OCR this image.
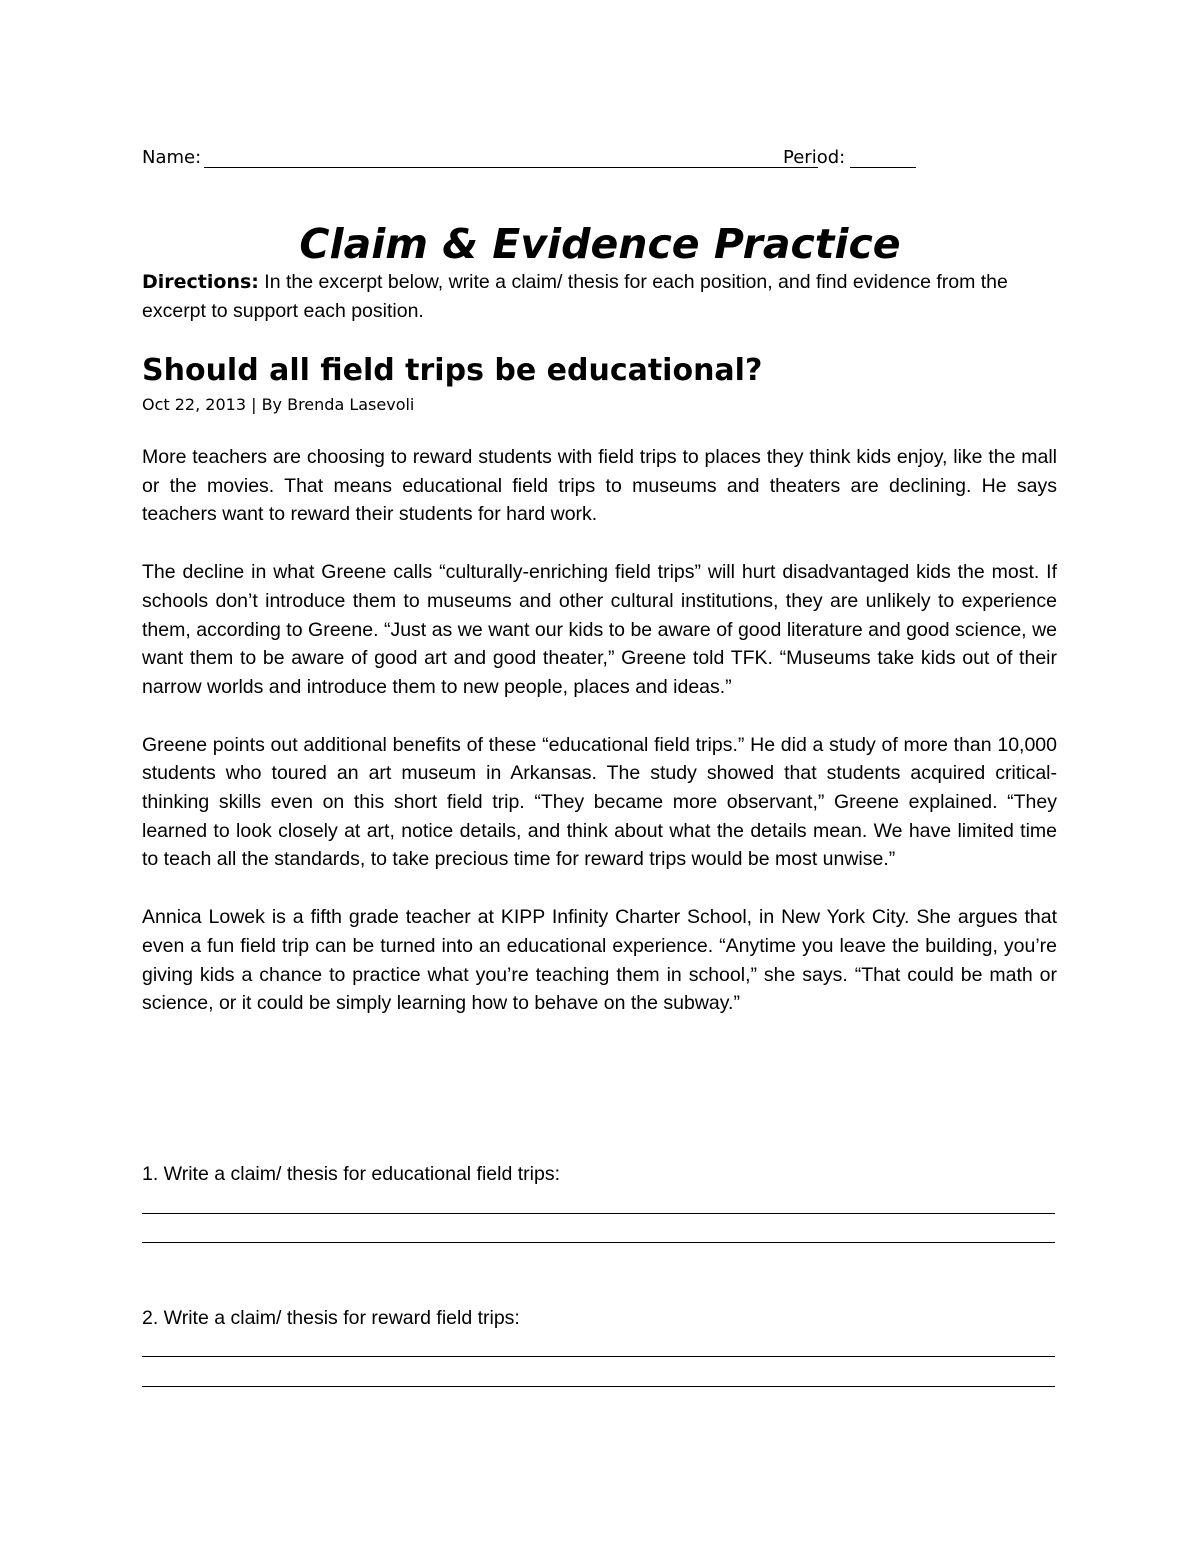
Name:	Period:
Claim & Evidence Practice

Directions: In the excerpt below, write a claim/ thesis for each position, and find evidence from the excerpt to support each position.

Should all field trips be educational?

Oct 22, 2013 | By Brenda Lasevoli

More teachers are choosing to reward students with field trips to places they think kids enjoy, like the mall or the movies. That means educational field trips to museums and theaters are declining. He says teachers want to reward their students for hard work.

The decline in what Greene calls “culturally-enriching field trips” will hurt disadvantaged kids the most. If schools don’t introduce them to museums and other cultural institutions, they are unlikely to experience them, according to Greene. “Just as we want our kids to be aware of good literature and good science, we want them to be aware of good art and good theater,” Greene told TFK. “Museums take kids out of their narrow worlds and introduce them to new people, places and ideas.”

Greene points out additional benefits of these “educational field trips.” He did a study of more than 10,000 students who toured an art museum in Arkansas. The study showed that students acquired critical-thinking skills even on this short field trip. “They became more observant,” Greene explained. “They learned to look closely at art, notice details, and think about what the details mean. We have limited time to teach all the standards, to take precious time for reward trips would be most unwise.”

Annica Lowek is a fifth grade teacher at KIPP Infinity Charter School, in New York City. She argues that even a fun field trip can be turned into an educational experience. “Anytime you leave the building, you’re giving kids a chance to practice what you’re teaching them in school,” she says. “That could be math or science, or it could be simply learning how to behave on the subway.”

1. Write a claim/ thesis for educational field trips:

2. Write a claim/ thesis for reward field trips:
